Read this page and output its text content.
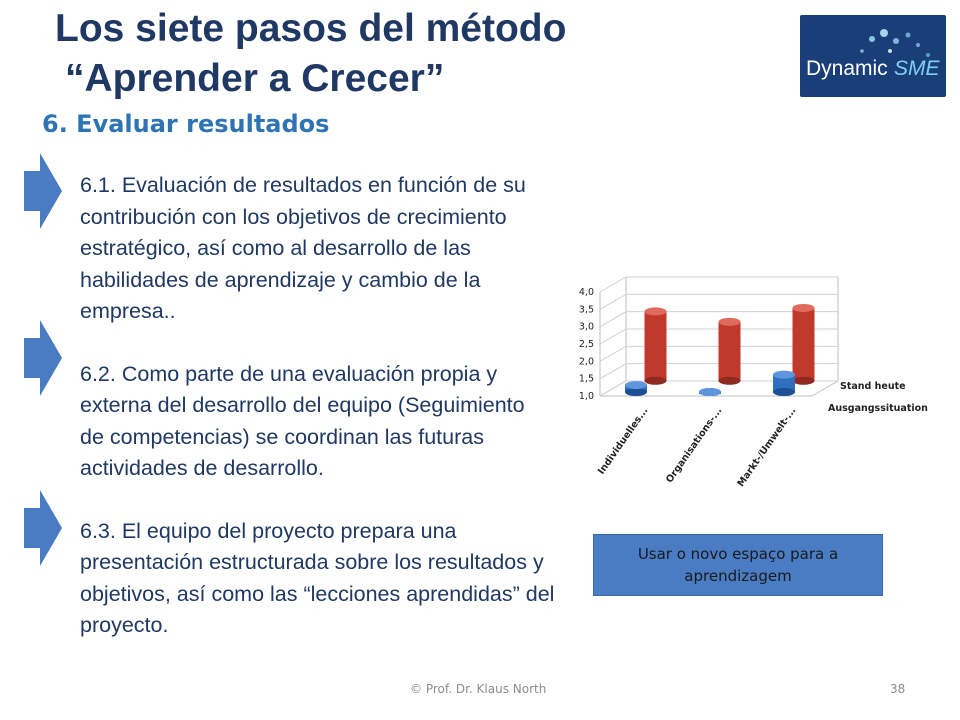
Los siete pasos del método
“Aprender a Crecer”
6. Evaluar resultados
Dynamic SME

6.1. Evaluación de resultados en función de su contribución con los objetivos de crecimiento estratégico, así como al desarrollo de las habilidades de aprendizaje y cambio de la empresa..

6.2. Como parte de una evaluación propia y externa del desarrollo del equipo (Seguimiento de competencias) se coordinan las futuras actividades de desarrollo.

6.3. El equipo del proyecto prepara una presentación estructurada sobre los resultados y objetivos, así como las “lecciones aprendidas” del proyecto.

1,0
1,5
2,0
2,5
3,0
3,5
4,0
Individuelles... Organisations-... Markt-/Umwelt-...
Stand heute
Ausgangssituation
Usar o novo espaço para a aprendizagem
© Prof. Dr. Klaus North	38
